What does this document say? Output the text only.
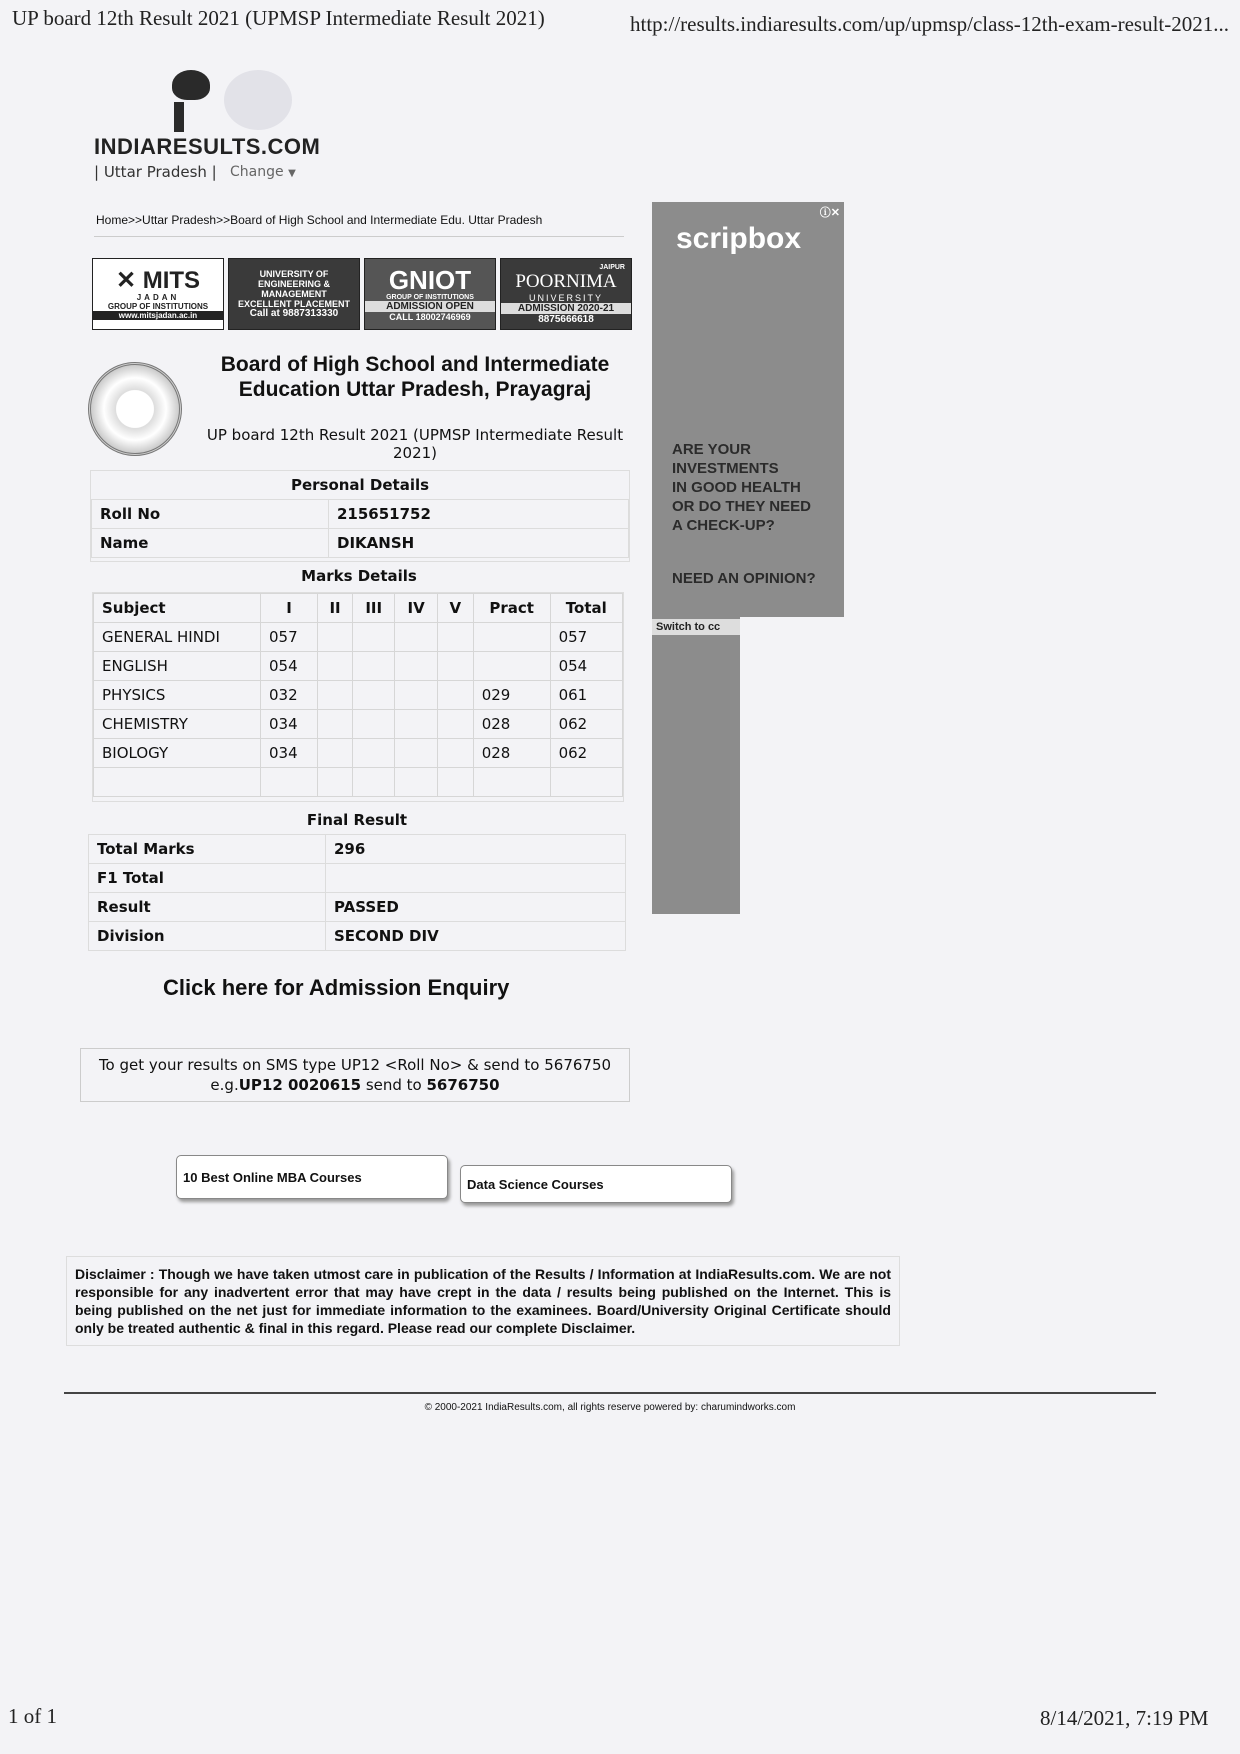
UP board 12th Result 2021 (UPMSP Intermediate Result 2021)	http://results.indiaresults.com/up/upmsp/class-12th-exam-result-2021...
INDIARESULTS.COM
| Uttar Pradesh | Change ▼
Home>>Uttar Pradesh>>Board of High School and Intermediate Edu. Uttar Pradesh
✕ MITS
JADAN
GROUP OF INSTITUTIONS
www.mitsjadan.ac.in
UNIVERSITY OF
ENGINEERING &
MANAGEMENT
EXCELLENT PLACEMENT
Call at 9887313330
GNIOT
GROUP OF INSTITUTIONS
ADMISSION OPEN
CALL 18002746969
JAIPUR
POORNIMA
UNIVERSITY
ADMISSION 2020-21
8875666618
Board of High School and Intermediate
Education Uttar Pradesh, Prayagraj
UP board 12th Result 2021 (UPMSP Intermediate Result
2021)
Personal Details
Roll No	215651752
Name	DIKANSH
Marks Details
Subject	I	II	III	IV	V	Pract	Total
GENERAL HINDI	057						057
ENGLISH	054						054
PHYSICS	032					029	061
CHEMISTRY	034					028	062
BIOLOGY	034					028	062

Final Result
Total Marks	296
F1 Total	
Result	PASSED
Division	SECOND DIV
Click here for Admission Enquiry
To get your results on SMS type UP12 <Roll No> & send to 5676750
e.g.UP12 0020615 send to 5676750
10 Best Online MBA Courses	Data Science Courses
Disclaimer : Though we have taken utmost care in publication of the Results / Information at IndiaResults.com. We are not responsible for any inadvertent error that may have crept in the data / results being published on the Internet. This is being published on the net just for immediate information to the examinees. Board/University Original Certificate should only be treated authentic & final in this regard. Please read our complete Disclaimer.
© 2000-2021 IndiaResults.com, all rights reserve powered by: charumindworks.com
ⓘ✕
scripbox
ARE YOUR
INVESTMENTS
IN GOOD HEALTH
OR DO THEY NEED
A CHECK-UP?
NEED AN OPINION?
Switch to cc
1 of 1	8/14/2021, 7:19 PM
